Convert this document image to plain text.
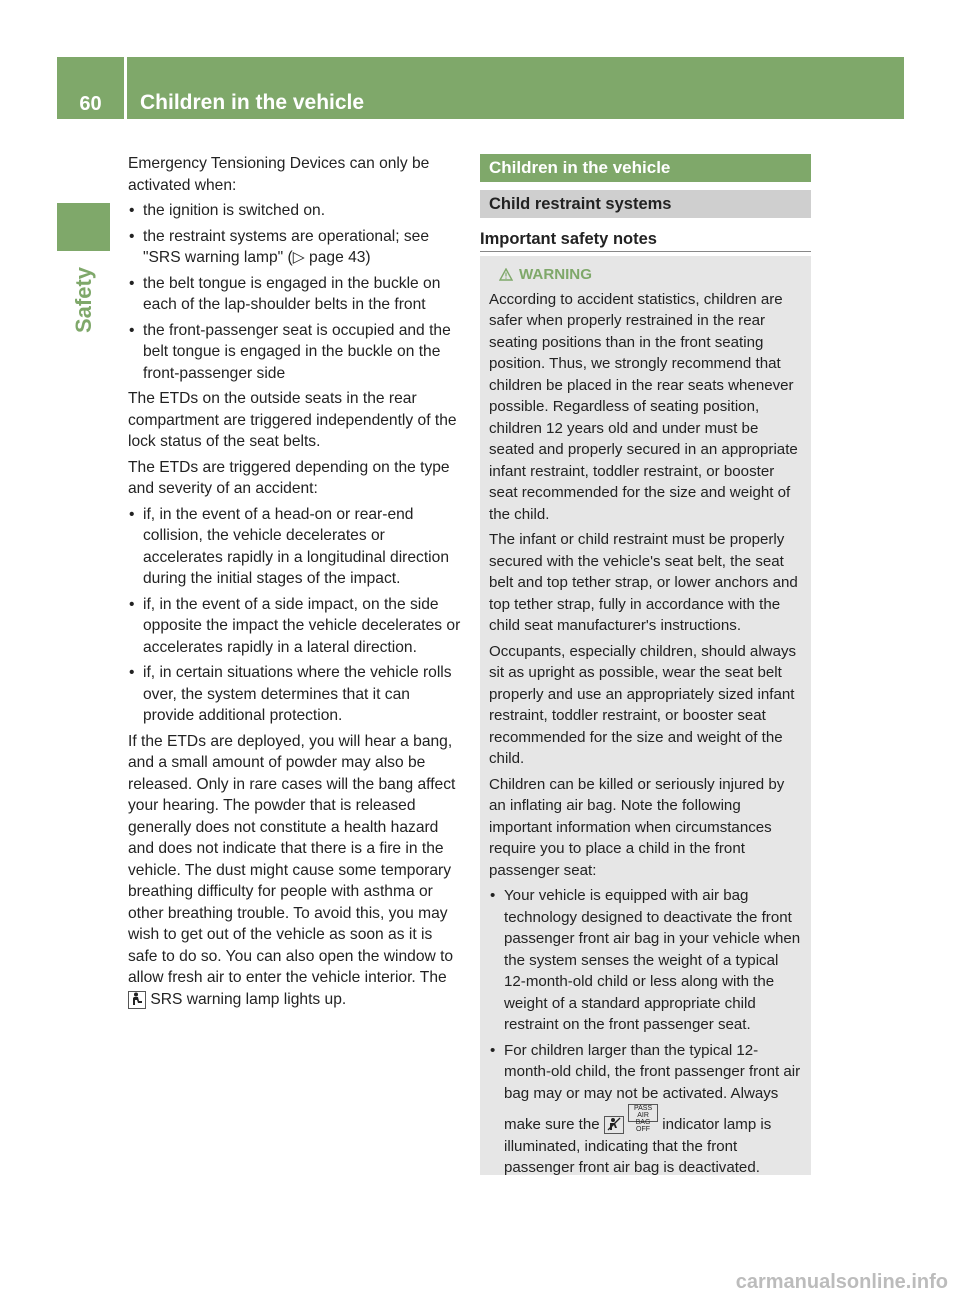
60	Children in the vehicle
Safety

Emergency Tensioning Devices can only be activated when:

• the ignition is switched on.
• the restraint systems are operational; see "SRS warning lamp" (▷ page 43)
• the belt tongue is engaged in the buckle on each of the lap-shoulder belts in the front
• the front-passenger seat is occupied and the belt tongue is engaged in the buckle on the front-passenger side

The ETDs on the outside seats in the rear compartment are triggered independently of the lock status of the seat belts.

The ETDs are triggered depending on the type and severity of an accident:

• if, in the event of a head-on or rear-end collision, the vehicle decelerates or accelerates rapidly in a longitudinal direction during the initial stages of the impact.
• if, in the event of a side impact, on the side opposite the impact the vehicle decelerates or accelerates rapidly in a lateral direction.
• if, in certain situations where the vehicle rolls over, the system determines that it can provide additional protection.

If the ETDs are deployed, you will hear a bang, and a small amount of powder may also be released. Only in rare cases will the bang affect your hearing. The powder that is released generally does not constitute a health hazard and does not indicate that there is a fire in the vehicle. The dust might cause some temporary breathing difficulty for people with asthma or other breathing trouble. To avoid this, you may wish to get out of the vehicle as soon as it is safe to do so. You can also open the window to allow fresh air to enter the vehicle interior. The  SRS warning lamp lights up.

Children in the vehicle
Child restraint systems
Important safety notes
WARNING

According to accident statistics, children are safer when properly restrained in the rear seating positions than in the front seating position. Thus, we strongly recommend that children be placed in the rear seats whenever possible. Regardless of seating position, children 12 years old and under must be seated and properly secured in an appropriate infant restraint, toddler restraint, or booster seat recommended for the size and weight of the child.

The infant or child restraint must be properly secured with the vehicle's seat belt, the seat belt and top tether strap, or lower anchors and top tether strap, fully in accordance with the child seat manufacturer's instructions.

Occupants, especially children, should always sit as upright as possible, wear the seat belt properly and use an appropriately sized infant restraint, toddler restraint, or booster seat recommended for the size and weight of the child.

Children can be killed or seriously injured by an inflating air bag. Note the following important information when circumstances require you to place a child in the front passenger seat:

• Your vehicle is equipped with air bag technology designed to deactivate the front passenger front air bag in your vehicle when the system senses the weight of a typical 12-month-old child or less along with the weight of a standard appropriate child restraint on the front passenger seat.
• For children larger than the typical 12-month-old child, the front passenger front air bag may or may not be activated. Always make sure the  PASS AIR BAG OFF indicator lamp is illuminated, indicating that the front passenger front air bag is deactivated.
carmanualsonline.info
